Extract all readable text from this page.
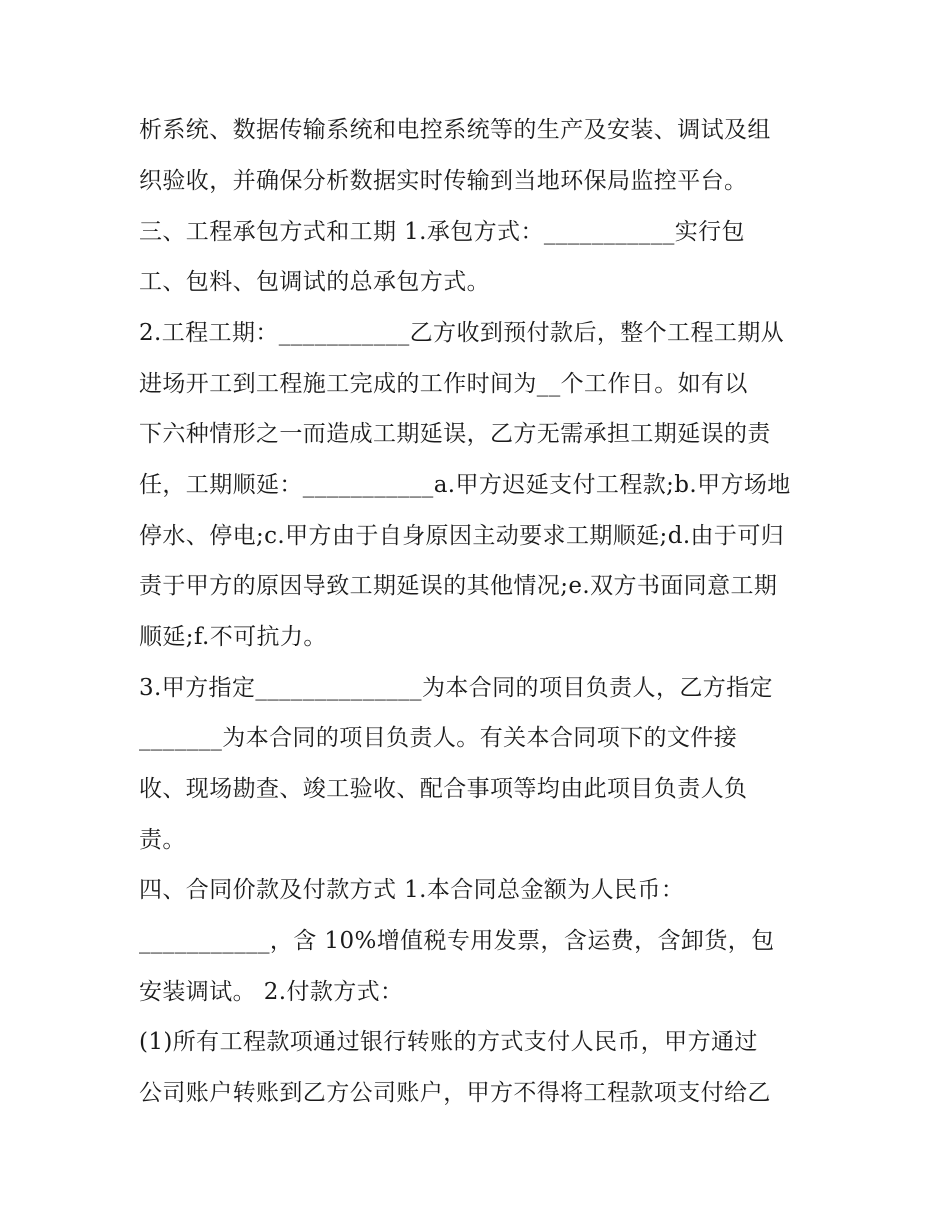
析系统、数据传输系统和电控系统等的生产及安装、调试及组

织验收，并确保分析数据实时传输到当地环保局监控平台。

三、工程承包方式和工期 1.承包方式：___________实行包

工、包料、包调试的总承包方式。

2.工程工期：___________乙方收到预付款后，整个工程工期从

进场开工到工程施工完成的工作时间为__个工作日。如有以

下六种情形之一而造成工期延误，乙方无需承担工期延误的责

任，工期顺延：___________a.甲方迟延支付工程款;b.甲方场地

停水、停电;c.甲方由于自身原因主动要求工期顺延;d.由于可归

责于甲方的原因导致工期延误的其他情况;e.双方书面同意工期

顺延;f.不可抗力。

3.甲方指定______________为本合同的项目负责人，乙方指定

_______为本合同的项目负责人。有关本合同项下的文件接

收、现场勘查、竣工验收、配合事项等均由此项目负责人负

责。

四、合同价款及付款方式 1.本合同总金额为人民币：

___________，含 10%增值税专用发票，含运费，含卸货，包

安装调试。 2.付款方式：

(1)所有工程款项通过银行转账的方式支付人民币，甲方通过

公司账户转账到乙方公司账户，甲方不得将工程款项支付给乙
